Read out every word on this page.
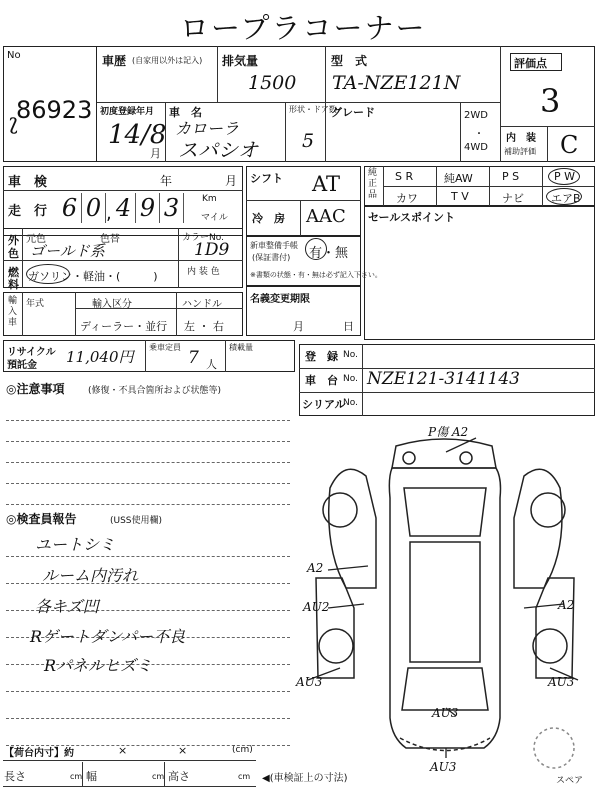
ロープラコーナー
No
86923
ʅ
車歴 (自家用以外は記入) 排気量
1500
型　式
TA-NZE121N
評価点
3
内　装
補助評価 C
初度登録年月
14/8
月
車　名
カローラ
スパシオ
形状・ドア数
5
グレード	2WD
・
4WD
車　検	年	月
走　行 6 0 4 9 3
,
Km
マイル
シフト AT
冷　房 AAC
純正品
S R	純AW	P S	P W
カワ	T V	ナビ エアB
外
色
元色	色替
ゴールド系
カラーNo.
1D9
燃
料
ガソリン・軽油・(　　　)	内 装 色
新車整備手帳
(保証書付) 有・無
※書類の状態・有・無は必ず記入下さい。
セールスポイント
輸入車
年式	輸入区分
ディーラー・並行
ハンドル
左 ・ 右
名義変更期限
月	日
リサイクル
預託金 11,040円
乗車定員
7 人
積載量
登　録 No.
車　台 No. NZE121-3141143
シリアル
No.
◎注意事項	(修復・不具合箇所および状態等)
◎検査員報告	(USS使用欄)
ユートシミ
ルーム内汚れ
各キズ凹
Rゲートダンパー不良
Rパネルヒズミ
P傷 A2
A2
AU2	A2
AU3	AU3
AU3
AU3
スペア
【荷台内寸】約	×	×	(cm)
長さ	cm 幅	cm 高さ	cm ◀(車検証上の寸法)
